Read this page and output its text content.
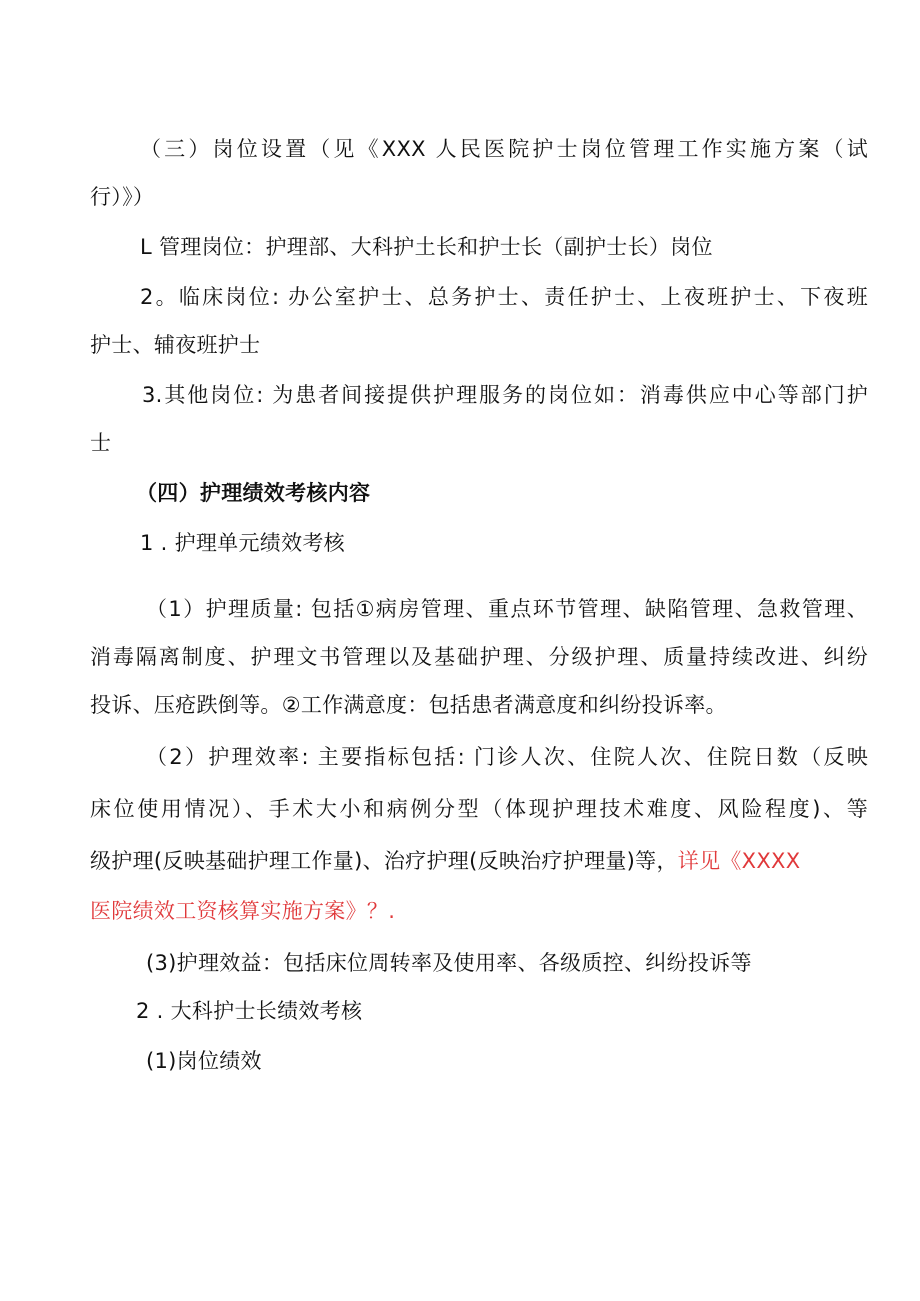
（三）岗位设置（见《XXX 人民医院护士岗位管理工作实施方案（试
行）》）
L 管理岗位：护理部、大科护土长和护士长（副护士长）岗位
2。临床岗位: 办公室护士、总务护士、责任护士、上夜班护士、下夜班
护士、辅夜班护士
3.其他岗位: 为患者间接提供护理服务的岗位如：消毒供应中心等部门护
士
（四）护理绩效考核内容
1 . 护理单元绩效考核
（1）护理质量: 包括①病房管理、重点环节管理、缺陷管理、急救管理、
消毒隔离制度、护理文书管理以及基础护理、分级护理、质量持续改进、纠纷
投诉、压疮跌倒等。②工作满意度：包括患者满意度和纠纷投诉率。
（2）护理效率: 主要指标包括: 门诊人次、住院人次、住院日数（反映
床位使用情况）、手术大小和病例分型（体现护理技术难度、风险程度)、等
级护理(反映基础护理工作量)、治疗护理(反映治疗护理量)等，详见《XXXX
医院绩效工资核算实施方案》？.
(3)护理效益：包括床位周转率及使用率、各级质控、纠纷投诉等
2 . 大科护士长绩效考核
(1)岗位绩效
